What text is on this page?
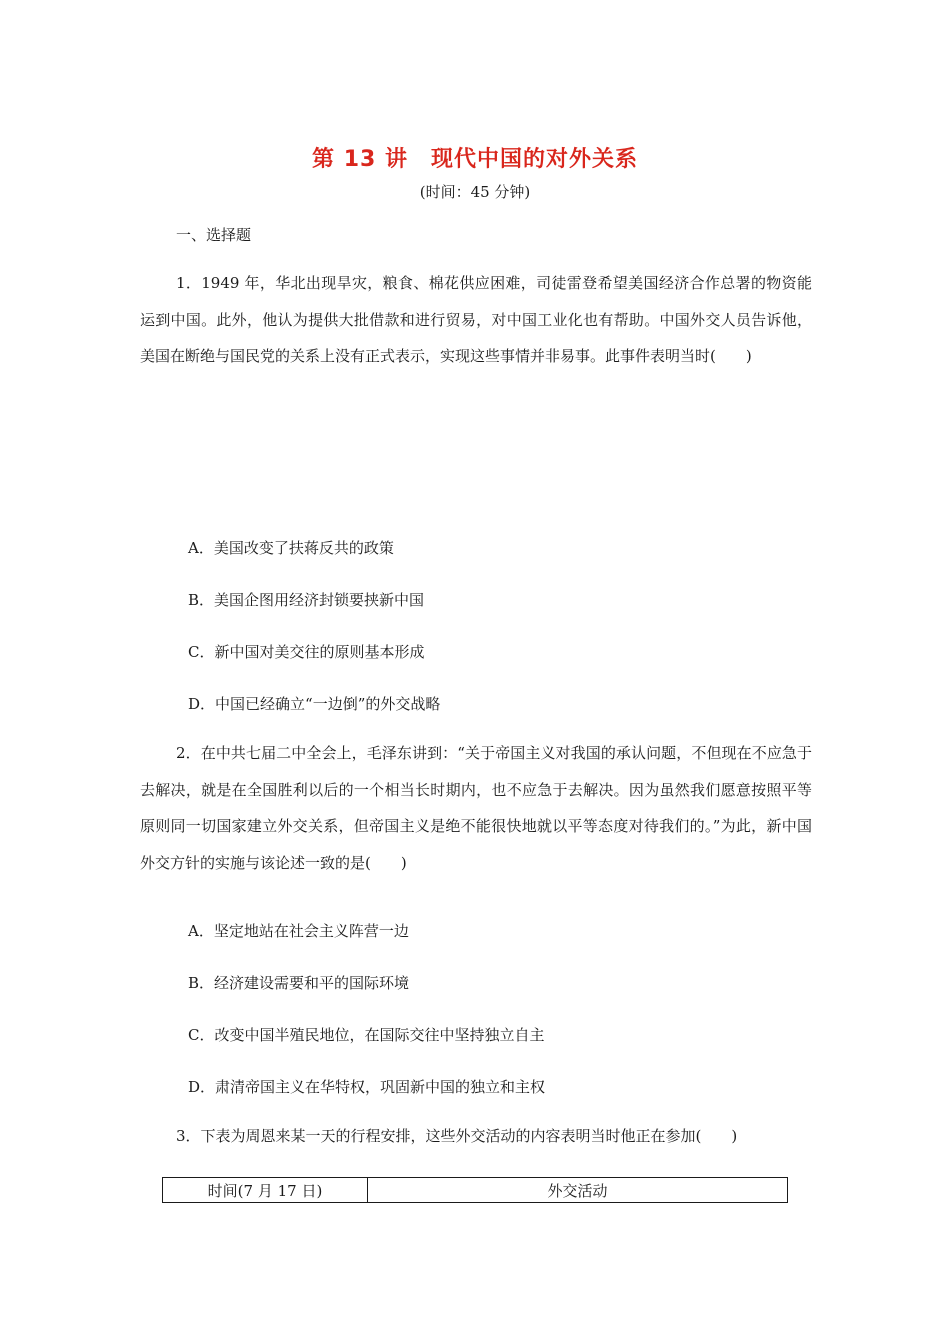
第 13 讲　现代中国的对外关系
(时间：45 分钟)
一、选择题
1．1949 年，华北出现旱灾，粮食、棉花供应困难，司徒雷登希望美国经济合作总署的物资能运到中国。此外，他认为提供大批借款和进行贸易，对中国工业化也有帮助。中国外交人员告诉他，美国在断绝与国民党的关系上没有正式表示，实现这些事情并非易事。此事件表明当时(　　)
A．美国改变了扶蒋反共的政策
B．美国企图用经济封锁要挟新中国
C．新中国对美交往的原则基本形成
D．中国已经确立“一边倒”的外交战略
2．在中共七届二中全会上，毛泽东讲到：“关于帝国主义对我国的承认问题，不但现在不应急于去解决，就是在全国胜利以后的一个相当长时期内，也不应急于去解决。因为虽然我们愿意按照平等原则同一切国家建立外交关系，但帝国主义是绝不能很快地就以平等态度对待我们的。”为此，新中国外交方针的实施与该论述一致的是(　　)
A．坚定地站在社会主义阵营一边
B．经济建设需要和平的国际环境
C．改变中国半殖民地位，在国际交往中坚持独立自主
D．肃清帝国主义在华特权，巩固新中国的独立和主权
3．下表为周恩来某一天的行程安排，这些外交活动的内容表明当时他正在参加(　　)
时间(7 月 17 日)	外交活动
